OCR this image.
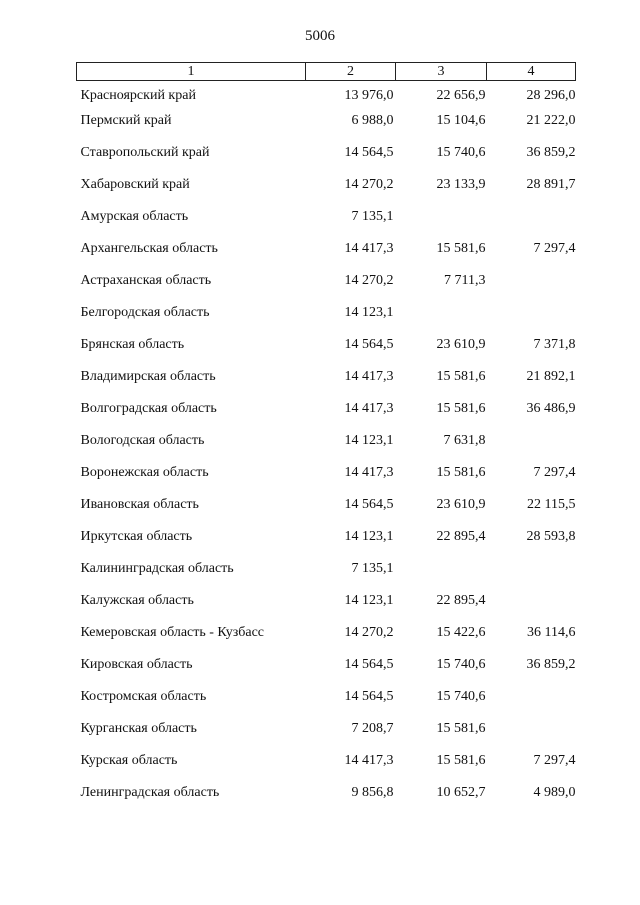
5006
1	2	3	4
Красноярский край	13 976,0	22 656,9	28 296,0
Пермский край	6 988,0	15 104,6	21 222,0
Ставропольский край	14 564,5	15 740,6	36 859,2
Хабаровский край	14 270,2	23 133,9	28 891,7
Амурская область	7 135,1		
Архангельская область	14 417,3	15 581,6	7 297,4
Астраханская область	14 270,2	7 711,3	
Белгородская область	14 123,1		
Брянская область	14 564,5	23 610,9	7 371,8
Владимирская область	14 417,3	15 581,6	21 892,1
Волгоградская область	14 417,3	15 581,6	36 486,9
Вологодская область	14 123,1	7 631,8	
Воронежская область	14 417,3	15 581,6	7 297,4
Ивановская область	14 564,5	23 610,9	22 115,5
Иркутская область	14 123,1	22 895,4	28 593,8
Калининградская область	7 135,1		
Калужская область	14 123,1	22 895,4	
Кемеровская область - Кузбасс	14 270,2	15 422,6	36 114,6
Кировская область	14 564,5	15 740,6	36 859,2
Костромская область	14 564,5	15 740,6	
Курганская область	7 208,7	15 581,6	
Курская область	14 417,3	15 581,6	7 297,4
Ленинградская область	9 856,8	10 652,7	4 989,0
